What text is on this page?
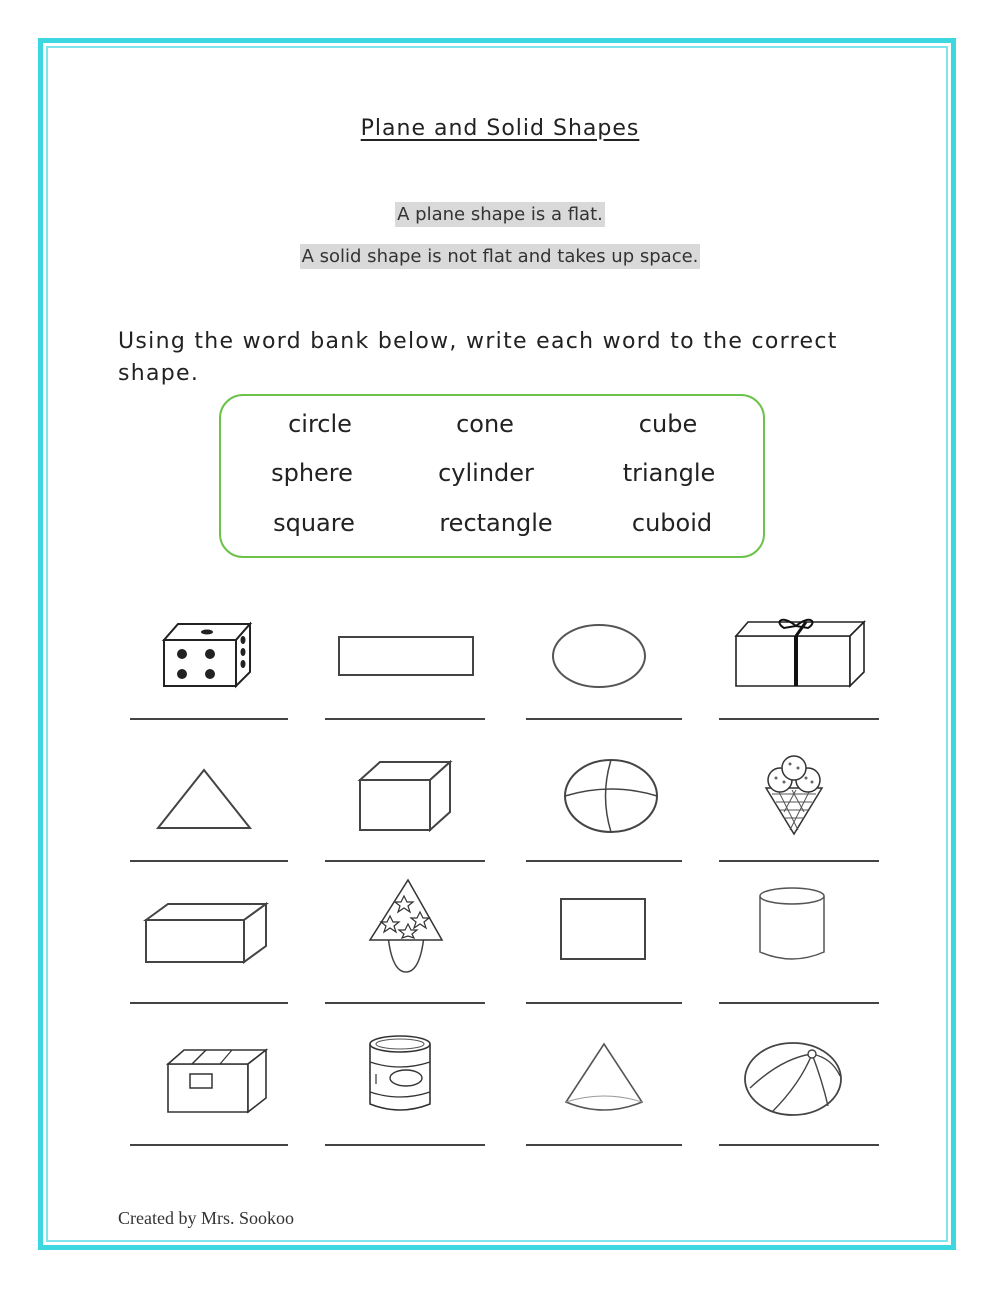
Plane and Solid Shapes
A plane shape is a flat.
A solid shape is not flat and takes up space.
Using the word bank below, write each word to the correct shape.
circle	cone	cube
sphere	cylinder	triangle
square	rectangle	cuboid
Created by Mrs. Sookoo
